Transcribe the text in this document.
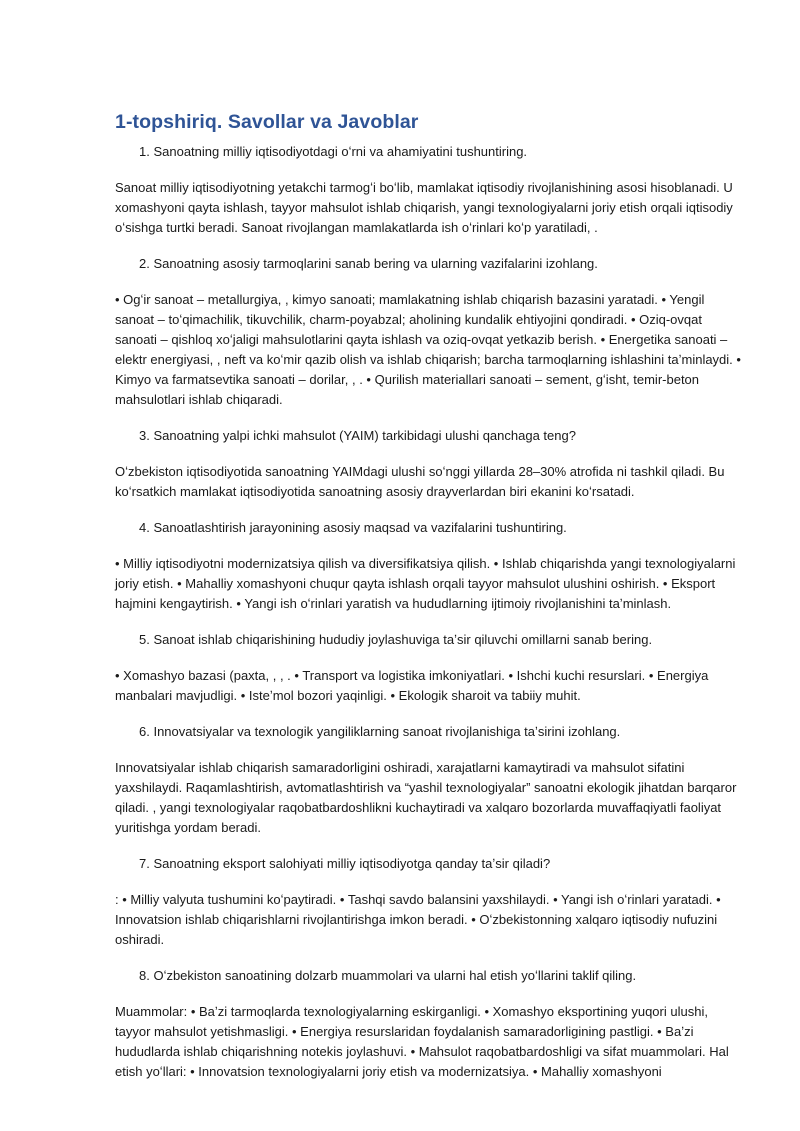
1-topshiriq. Savollar va Javoblar

1. Sanoatning milliy iqtisodiyotdagi oʻrni va ahamiyatini tushuntiring.

Sanoat milliy iqtisodiyotning yetakchi tarmogʻi boʻlib, mamlakat iqtisodiy rivojlanishining asosi hisoblanadi. U xomashyoni qayta ishlash, tayyor mahsulot ishlab chiqarish, yangi texnologiyalarni joriy etish orqali iqtisodiy oʻsishga turtki beradi. Sanoat rivojlangan mamlakatlarda ish oʻrinlari koʻp yaratiladi, .

2. Sanoatning asosiy tarmoqlarini sanab bering va ularning vazifalarini izohlang.

• Ogʻir sanoat – metallurgiya, , kimyo sanoati; mamlakatning ishlab chiqarish bazasini yaratadi. • Yengil sanoat – toʻqimachilik, tikuvchilik, charm-poyabzal; aholining kundalik ehtiyojini qondiradi. • Oziq-ovqat sanoati – qishloq xoʻjaligi mahsulotlarini qayta ishlash va oziq-ovqat yetkazib berish. • Energetika sanoati – elektr energiyasi, , neft va koʻmir qazib olish va ishlab chiqarish; barcha tarmoqlarning ishlashini taʼminlaydi. • Kimyo va farmatsevtika sanoati – dorilar, , . • Qurilish materiallari sanoati – sement, gʻisht, temir-beton mahsulotlari ishlab chiqaradi.

3. Sanoatning yalpi ichki mahsulot (YAIM) tarkibidagi ulushi qanchaga teng?

Oʻzbekiston iqtisodiyotida sanoatning YAIMdagi ulushi soʻnggi yillarda 28–30% atrofida ni tashkil qiladi. Bu koʻrsatkich mamlakat iqtisodiyotida sanoatning asosiy drayverlardan biri ekanini koʻrsatadi.

4. Sanoatlashtirish jarayonining asosiy maqsad va vazifalarini tushuntiring.

• Milliy iqtisodiyotni modernizatsiya qilish va diversifikatsiya qilish. • Ishlab chiqarishda yangi texnologiyalarni joriy etish. • Mahalliy xomashyoni chuqur qayta ishlash orqali tayyor mahsulot ulushini oshirish. • Eksport hajmini kengaytirish. • Yangi ish oʻrinlari yaratish va hududlarning ijtimoiy rivojlanishini taʼminlash.

5. Sanoat ishlab chiqarishining hududiy joylashuviga taʼsir qiluvchi omillarni sanab bering.

• Xomashyo bazasi (paxta, , , . • Transport va logistika imkoniyatlari. • Ishchi kuchi resurslari. • Energiya manbalari mavjudligi. • Isteʼmol bozori yaqinligi. • Ekologik sharoit va tabiiy muhit.

6. Innovatsiyalar va texnologik yangiliklarning sanoat rivojlanishiga taʼsirini izohlang.

Innovatsiyalar ishlab chiqarish samaradorligini oshiradi, xarajatlarni kamaytiradi va mahsulot sifatini yaxshilaydi. Raqamlashtirish, avtomatlashtirish va “yashil texnologiyalar” sanoatni ekologik jihatdan barqaror qiladi. , yangi texnologiyalar raqobatbardoshlikni kuchaytiradi va xalqaro bozorlarda muvaffaqiyatli faoliyat yuritishga yordam beradi.

7. Sanoatning eksport salohiyati milliy iqtisodiyotga qanday taʼsir qiladi?

: • Milliy valyuta tushumini koʻpaytiradi. • Tashqi savdo balansini yaxshilaydi. • Yangi ish oʻrinlari yaratadi. • Innovatsion ishlab chiqarishlarni rivojlantirishga imkon beradi. • Oʻzbekistonning xalqaro iqtisodiy nufuzini oshiradi.

8. Oʻzbekiston sanoatining dolzarb muammolari va ularni hal etish yoʻllarini taklif qiling.

Muammolar: • Baʼzi tarmoqlarda texnologiyalarning eskirganligi. • Xomashyo eksportining yuqori ulushi, tayyor mahsulot yetishmasligi. • Energiya resurslaridan foydalanish samaradorligining pastligi. • Baʼzi hududlarda ishlab chiqarishning notekis joylashuvi. • Mahsulot raqobatbardoshligi va sifat muammolari. Hal etish yoʻllari: • Innovatsion texnologiyalarni joriy etish va modernizatsiya. • Mahalliy xomashyoni
